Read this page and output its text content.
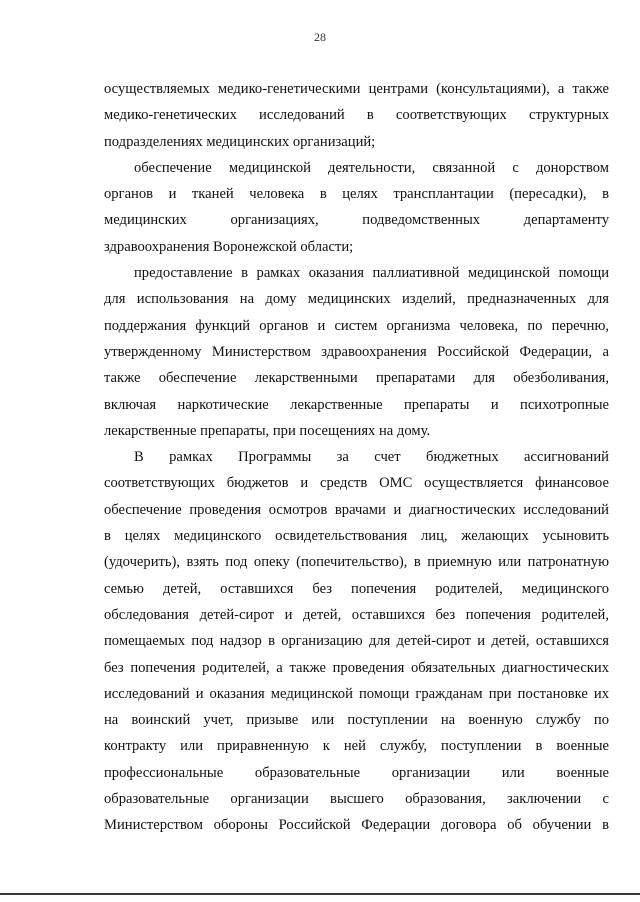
28

осуществляемых медико-генетическими центрами (консультациями), а также
медико-генетических исследований в соответствующих структурных
подразделениях медицинских организаций;

обеспечение медицинской деятельности, связанной с донорством
органов и тканей человека в целях трансплантации (пересадки), в
медицинских организациях, подведомственных департаменту
здравоохранения Воронежской области;

предоставление в рамках оказания паллиативной медицинской помощи
для использования на дому медицинских изделий, предназначенных для
поддержания функций органов и систем организма человека, по перечню,
утвержденному Министерством здравоохранения Российской Федерации, а
также обеспечение лекарственными препаратами для обезболивания,
включая наркотические лекарственные препараты и психотропные
лекарственные препараты, при посещениях на дому.

В рамках Программы за счет бюджетных ассигнований
соответствующих бюджетов и средств ОМС осуществляется финансовое
обеспечение проведения осмотров врачами и диагностических исследований
в целях медицинского освидетельствования лиц, желающих усыновить
(удочерить), взять под опеку (попечительство), в приемную или патронатную
семью детей, оставшихся без попечения родителей, медицинского
обследования детей-сирот и детей, оставшихся без попечения родителей,
помещаемых под надзор в организацию для детей-сирот и детей, оставшихся
без попечения родителей, а также проведения обязательных диагностических
исследований и оказания медицинской помощи гражданам при постановке их
на воинский учет, призыве или поступлении на военную службу по
контракту или приравненную к ней службу, поступлении в военные
профессиональные образовательные организации или военные
образовательные организации высшего образования, заключении с
Министерством обороны Российской Федерации договора об обучении в
